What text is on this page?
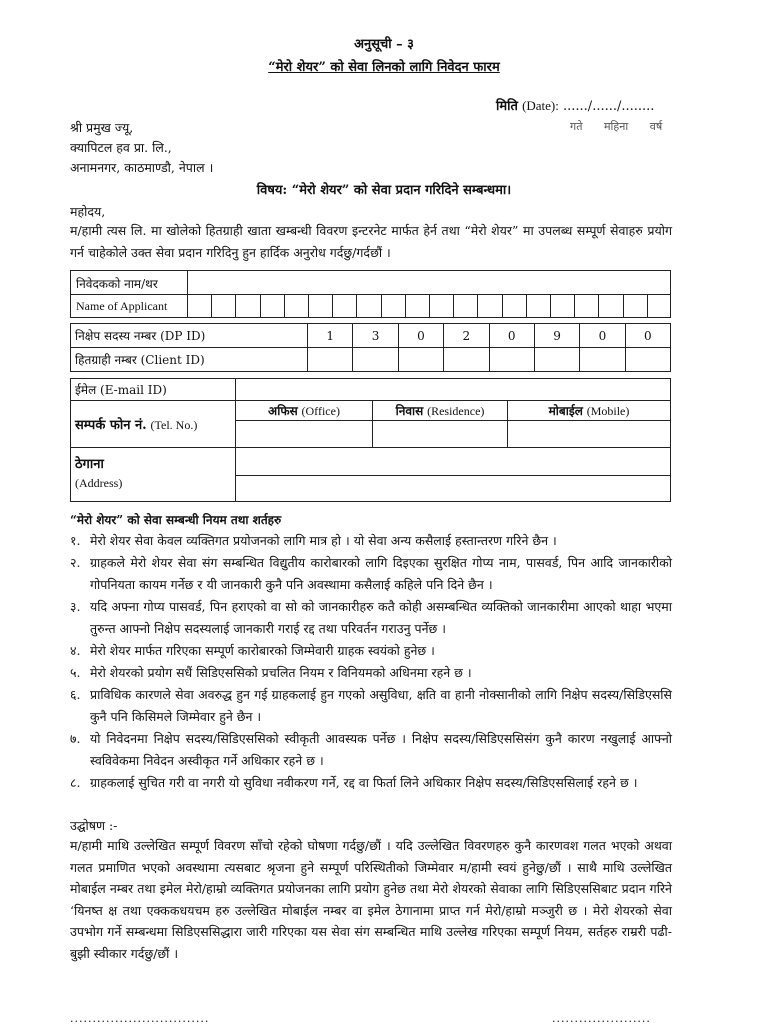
अनुसूची – ३
“मेरो शेयर” को सेवा लिनको लागि निवेदन फारम
मिति (Date): ....../....../........
गते महिना वर्ष
श्री प्रमुख ज्यू,
क्यापिटल हव प्रा. लि.,
अनामनगर, काठमाण्डौ, नेपाल ।
विषय: “मेरो शेयर” को सेवा प्रदान गरिदिने सम्बन्धमा।
महोदय,
म/हामी त्यस लि. मा खोलेको हितग्राही खाता खम्बन्धी विवरण इन्टरनेट मार्फत हेर्न तथा “मेरो शेयर” मा उपलब्ध सम्पूर्ण सेवाहरु प्रयोग गर्न चाहेकोले उक्त सेवा प्रदान गरिदिनु हुन हार्दिक अनुरोध गर्दछु/गर्दछौं ।
निवेदकको नाम/थर
Name of Applicant
निक्षेप सदस्य नम्बर (DP ID)	1	3	0	2	0	9	0	0
हितग्राही नम्बर (Client ID)								
ईमेल (E-mail ID)			
सम्पर्क फोन नं. (Tel. No.)	अफिस (Office)	निवास (Residence)	मोबाईल (Mobile)

ठेगाना
(Address)			

“मेरो शेयर” को सेवा सम्बन्धी नियम तथा शर्तहरु
१. मेरो शेयर सेवा केवल व्यक्तिगत प्रयोजनको लागि मात्र हो । यो सेवा अन्य कसैलाई हस्तान्तरण गरिने छैन ।
२. ग्राहकले मेरो शेयर सेवा संग सम्बन्धित विद्युतीय कारोबारको लागि दिइएका सुरक्षित गोप्य नाम, पासवर्ड, पिन आदि जानकारीको गोपनियता कायम गर्नेछ र यी जानकारी कुनै पनि अवस्थामा कसैलाई कहिले पनि दिने छैन ।
३. यदि अफ्ना गोप्य पासवर्ड, पिन हराएको वा सो को जानकारीहरु कतै कोही असम्बन्धित व्यक्तिको जानकारीमा आएको थाहा भएमा तुरुन्त आफ्नो निक्षेप सदस्यलाई जानकारी गराई रद्द तथा परिवर्तन गराउनु पर्नेछ ।
४. मेरो शेयर मार्फत गरिएका सम्पूर्ण कारोबारको जिम्मेवारी ग्राहक स्वयंको हुनेछ ।
५. मेरो शेयरको प्रयोग सधैं सिडिएससिको प्रचलित नियम र विनियमको अधिनमा रहने छ ।
६. प्राविधिक कारणले सेवा अवरुद्ध हुन गई ग्राहकलाई हुन गएको असुविधा, क्षति वा हानी नोक्सानीको लागि निक्षेप सदस्य/सिडिएससि कुनै पनि किसिमले जिम्मेवार हुने छैन ।
७. यो निवेदनमा निक्षेप सदस्य/सिडिएससिको स्वीकृती आवस्यक पर्नेछ । निक्षेप सदस्य/सिडिएससिसंग कुनै कारण नखुलाई आफ्नो स्वविवेकमा निवेदन अस्वीकृत गर्ने अधिकार रहने छ ।
८. ग्राहकलाई सुचित गरी वा नगरी यो सुविधा नवीकरण गर्ने, रद्द वा फिर्ता लिने अधिकार निक्षेप सदस्य/सिडिएससिलाई रहने छ ।
उद्घोषण :-
म/हामी माथि उल्लेखित सम्पूर्ण विवरण साँचो रहेको घोषणा गर्दछु/छौं । यदि उल्लेखित विवरणहरु कुनै कारणवश गलत भएको अथवा गलत प्रमाणित भएको अवस्थामा त्यसबाट श्रृजना हुने सम्पूर्ण परिस्थितीको जिम्मेवार म/हामी स्वयं हुनेछु/छौं । साथै माथि उल्लेखित मोबाईल नम्बर तथा इमेल मेरो/हाम्रो व्यक्तिगत प्रयोजनका लागि प्रयोग हुनेछ तथा मेरो शेयरको सेवाका लागि सिडिएससिबाट प्रदान गरिने ‘यिनष्त क्ष तथा एक्ककधयचम हरु उल्लेखित मोबाईल नम्बर वा इमेल ठेगानामा प्राप्त गर्न मेरो/हाम्रो मञ्जुरी छ । मेरो शेयरको सेवा उपभोग गर्ने सम्बन्धमा सिडिएससिद्धारा जारी गरिएका यस सेवा संग सम्बन्धित माथि उल्लेख गरिएका सम्पूर्ण नियम, सर्तहरु राम्ररी पढी-बुझी स्वीकार गर्दछु/छौं ।
...............................	......................
